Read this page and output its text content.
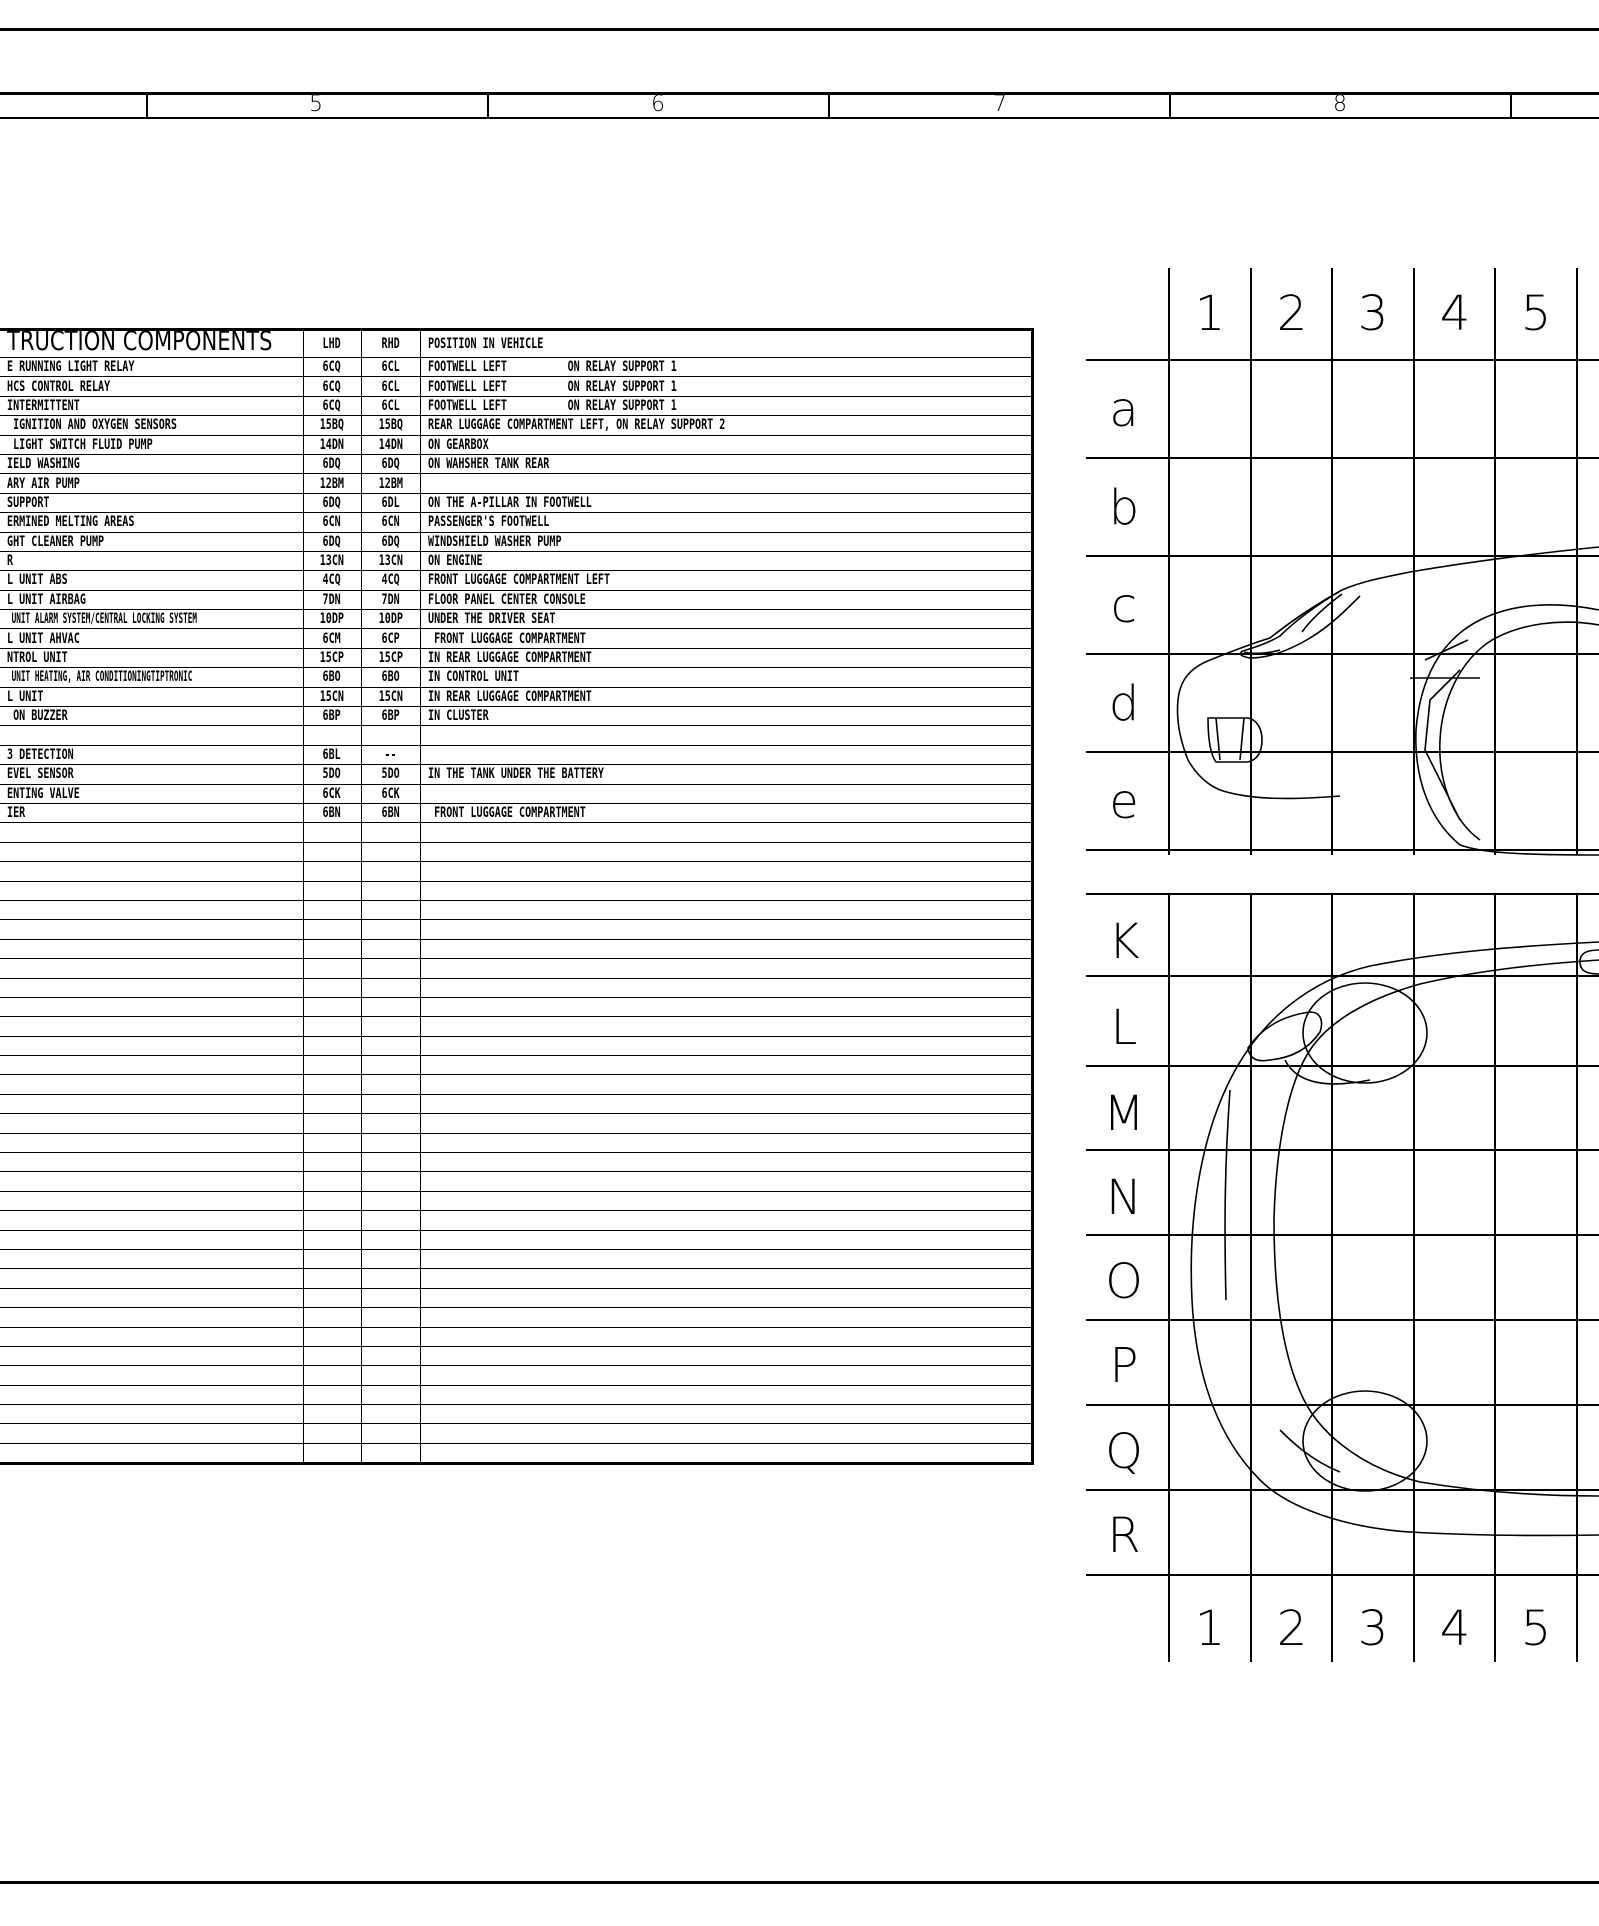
5	6	7	8
TRUCTION COMPONENTS	LHD	RHD	POSITION IN VEHICLE
E RUNNING LIGHT RELAY	6CQ	6CL	FOOTWELL LEFT          ON RELAY SUPPORT 1
HCS CONTROL RELAY	6CQ	6CL	FOOTWELL LEFT          ON RELAY SUPPORT 1
INTERMITTENT	6CQ	6CL	FOOTWELL LEFT          ON RELAY SUPPORT 1
IGNITION AND OXYGEN SENSORS	15BQ	15BQ	REAR LUGGAGE COMPARTMENT LEFT, ON RELAY SUPPORT 2
LIGHT SWITCH FLUID PUMP	14DN	14DN	ON GEARBOX
IELD WASHING	6DQ	6DQ	ON WAHSHER TANK REAR
ARY AIR PUMP	12BM	12BM	
SUPPORT	6DQ	6DL	ON THE A-PILLAR IN FOOTWELL
ERMINED MELTING AREAS	6CN	6CN	PASSENGER'S FOOTWELL
GHT CLEANER PUMP	6DQ	6DQ	WINDSHIELD WASHER PUMP
R	13CN	13CN	ON ENGINE
L UNIT ABS	4CQ	4CQ	FRONT LUGGAGE COMPARTMENT LEFT
L UNIT AIRBAG	7DN	7DN	FLOOR PANEL CENTER CONSOLE
UNIT ALARM SYSTEM/CENTRAL LOCKING SYSTEM	10DP	10DP	UNDER THE DRIVER SEAT
L UNIT AHVAC	6CM	6CP	FRONT LUGGAGE COMPARTMENT
NTROL UNIT	15CP	15CP	IN REAR LUGGAGE COMPARTMENT
UNIT HEATING, AIR CONDITIONINGTIPTRONIC	6BO	6BO	IN CONTROL UNIT
L UNIT	15CN	15CN	IN REAR LUGGAGE COMPARTMENT
ON BUZZER	6BP	6BP	IN CLUSTER

3 DETECTION	6BL	--	
EVEL SENSOR	5DO	5DO	IN THE TANK UNDER THE BATTERY
ENTING VALVE	6CK	6CK	
IER	6BN	6BN	FRONT LUGGAGE COMPARTMENT

1	2	3	4	5
1	2	3	4	5
a
b
c
d
e
K
L
M
N
O
P
Q
R
